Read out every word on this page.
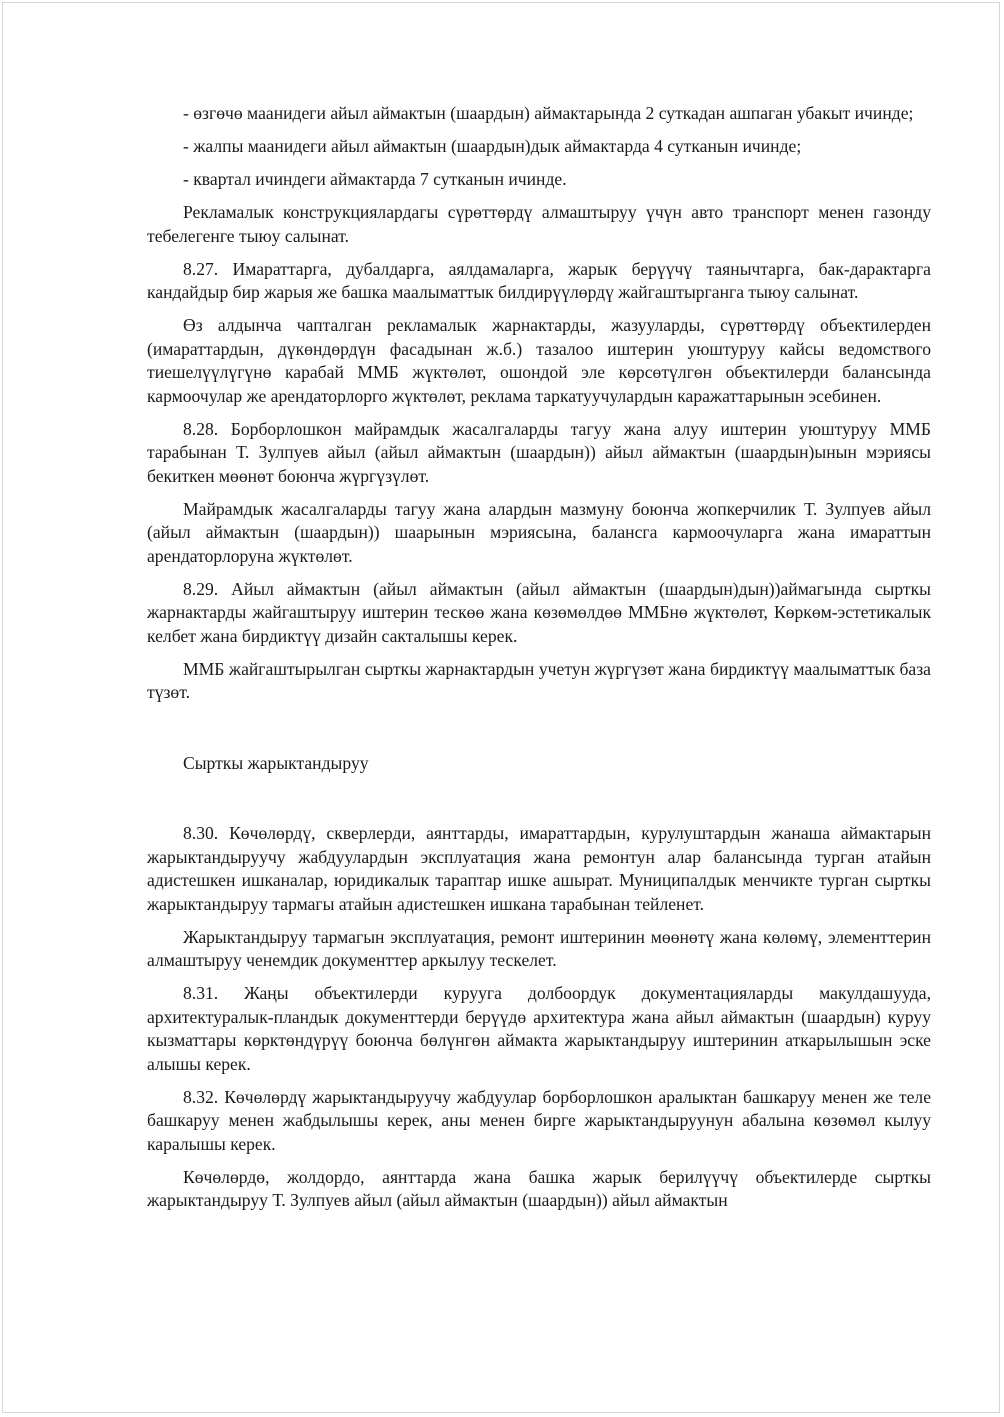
- өзгөчө маанидеги айыл аймактын (шаардын) аймактарында 2 суткадан ашпаган убакыт ичинде;

- жалпы маанидеги айыл аймактын (шаардын)дык аймактарда 4 сутканын ичинде;

- квартал ичиндеги аймактарда 7 сутканын ичинде.

Рекламалык конструкциялардагы сүрөттөрдү алмаштыруу үчүн авто транспорт менен газонду тебелегенге тыюу салынат.

8.27. Имараттарга, дубалдарга, аялдамаларга, жарык берүүчү таянычтарга, бак-дарактарга кандайдыр бир жарыя же башка маалыматтык билдирүүлөрдү жайгаштырганга тыюу салынат.

Өз алдынча чапталган рекламалык жарнактарды, жазууларды, сүрөттөрдү объектилерден (имараттардын, дүкөндөрдүн фасадынан ж.б.) тазалоо иштерин уюштуруу кайсы ведомствого тиешелүүлүгүнө карабай ММБ жүктөлөт, ошондой эле көрсөтүлгөн объектилерди балансында кармоочулар же арендаторлорго жүктөлөт, реклама таркатуучулардын каражаттарынын эсебинен.

8.28. Борборлошкон майрамдык жасалгаларды тагуу жана алуу иштерин уюштуруу ММБ тарабынан Т. Зулпуев айыл (айыл аймактын (шаардын)) айыл аймактын (шаардын)ынын мэриясы бекиткен мөөнөт боюнча жүргүзүлөт.

Майрамдык жасалгаларды тагуу жана алардын мазмуну боюнча жопкерчилик Т. Зулпуев айыл (айыл аймактын (шаардын)) шаарынын мэриясына, балансга кармоочуларга жана имараттын арендаторлоруна жүктөлөт.

8.29. Айыл аймактын (айыл аймактын (айыл аймактын (шаардын)дын))аймагында сырткы жарнактарды жайгаштыруу иштерин тескөө жана көзөмөлдөө ММБнө жүктөлөт, Көркөм-эстетикалык келбет жана бирдиктүү дизайн сакталышы керек.

ММБ жайгаштырылган сырткы жарнактардын учетун жүргүзөт жана бирдиктүү маалыматтык база түзөт.

Сырткы жарыктандыруу

8.30. Көчөлөрдү, скверлерди, аянттарды, имараттардын, курулуштардын жанаша аймактарын жарыктандыруучу жабдуулардын эксплуатация жана ремонтун алар балансында турган атайын адистешкен ишканалар, юридикалык тараптар ишке ашырат. Муниципалдык менчикте турган сырткы жарыктандыруу тармагы атайын адистешкен ишкана тарабынан тейленет.

Жарыктандыруу тармагын эксплуатация, ремонт иштеринин мөөнөтү жана көлөмү, элементтерин алмаштыруу ченемдик документтер аркылуу тескелет.

8.31. Жаңы объектилерди курууга долбоордук документацияларды макулдашууда, архитектуралык-пландык документтерди берүүдө архитектура жана айыл аймактын (шаардын) куруу кызматтары көрктөндүрүү боюнча бөлүнгөн аймакта жарыктандыруу иштеринин аткарылышын эске алышы керек.

8.32. Көчөлөрдү жарыктандыруучу жабдуулар борборлошкон аралыктан башкаруу менен же теле башкаруу менен жабдылышы керек, аны менен бирге жарыктандыруунун абалына көзөмөл кылуу каралышы керек.

Көчөлөрдө, жолдордо, аянттарда жана башка жарык берилүүчү объектилерде сырткы жарыктандыруу Т. Зулпуев айыл (айыл аймактын (шаардын)) айыл аймактын
